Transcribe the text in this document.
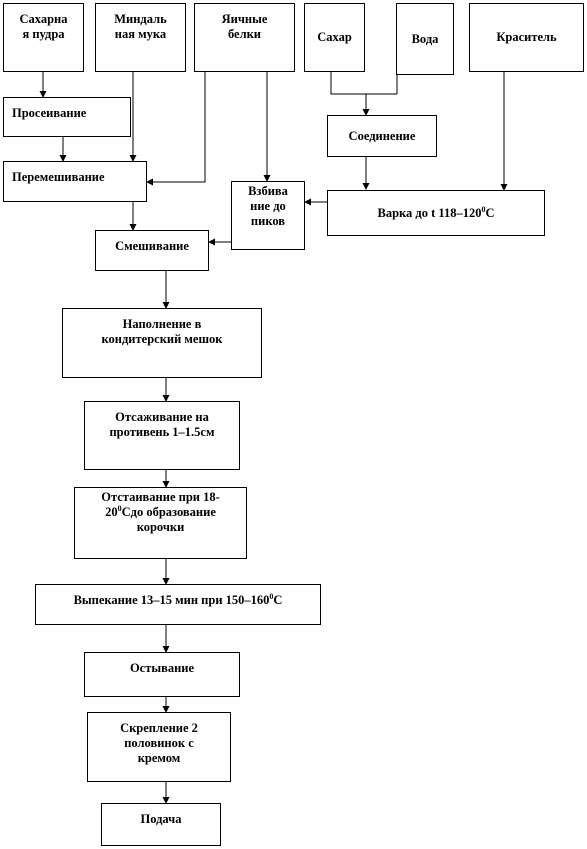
Сахарна
я пудра
Миндаль
ная мука
Яичные
белки	Сахар	Вода	Краситель
Просеивание
Соединение
Перемешивание
Взбива
ние до
пиков
Варка до t $118-120^0C$
Смешивание
Наполнение в
кондитерский мешок
Отсаживание на
противень 1–1.5см
Отстаивание при 18-
$20^0Сдо$ образование
корочки
Выпекание 13–15 мин при $150-160^0C$
Остывание
Скрепление 2
половинок с
кремом
Подача
